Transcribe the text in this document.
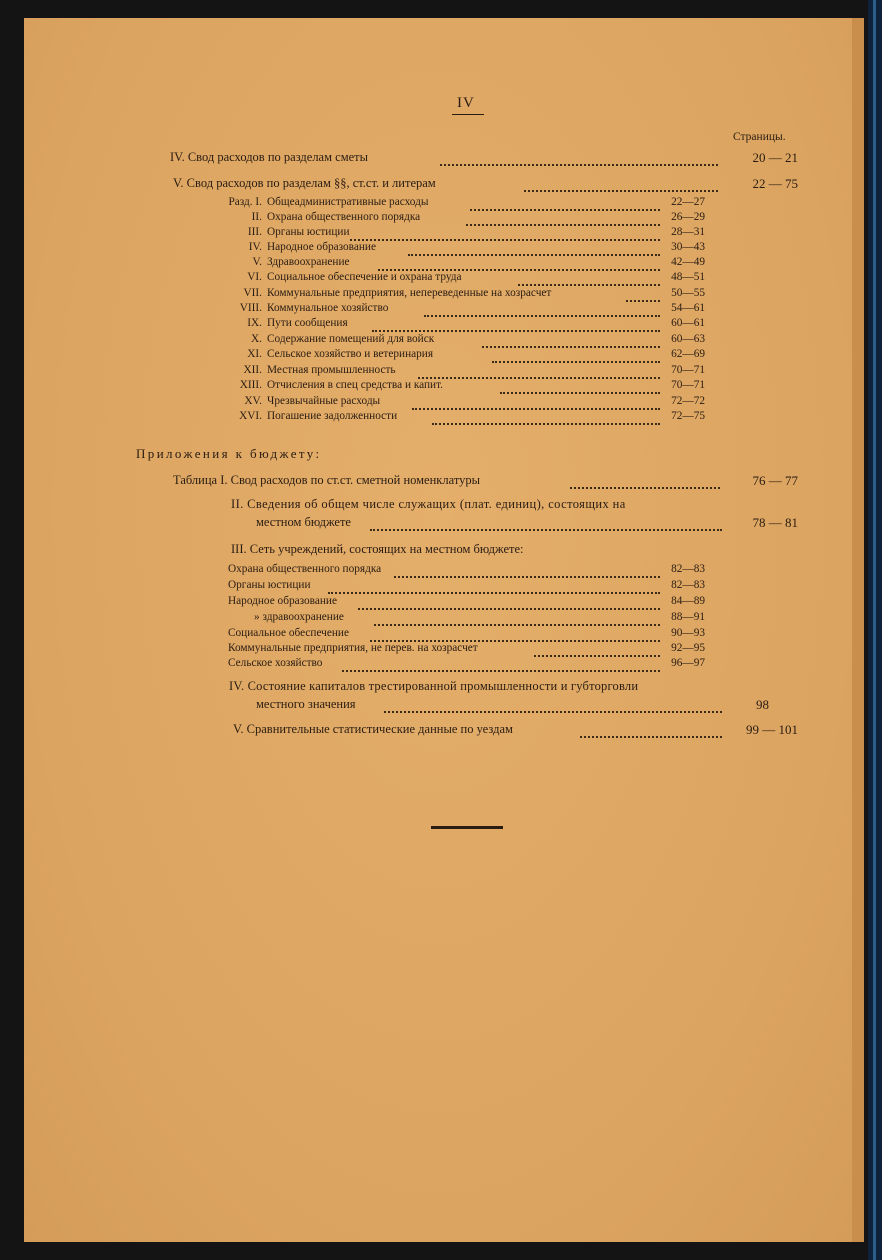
IV
Страницы.
IV. Свод расходов по разделам сметы	20 — 21
V. Свод расходов по разделам §§, ст.ст. и литерам	22 — 75
Разд. I. Общеадминистративные расходы	22—27
II. Охрана общественного порядка	26—29
III. Органы юстиции	28—31
IV. Народное образование	30—43
V. Здравоохранение	42—49
VI. Социальное обеспечение и охрана труда	48—51
VII. Коммунальные предприятия, непереведенные на хозрасчет	50—55
VIII. Коммунальное хозяйство	54—61
IX. Пути сообщения	60—61
X. Содержание помещений для войск	60—63
XI. Сельское хозяйство и ветеринария	62—69
XII. Местная промышленность	70—71
XIII. Отчисления в спец средства и капит.	70—71
XV. Чрезвычайные расходы	72—72
XVI. Погашение задолженности	72—75
Приложения к бюджету:
Таблица I. Свод расходов по ст.ст. сметной номенклатуры	76 — 77
II. Сведения об общем числе служащих (плат. единиц), состоящих на
местном бюджете	78 — 81
III. Сеть учреждений, состоящих на местном бюджете:
Охрана общественного порядка	82—83
Органы юстиции	82—83
Народное образование	84—89
» здравоохранение	88—91
Социальное обеспечение	90—93
Коммунальные предприятия, не перев. на хозрасчет	92—95
Сельское хозяйство	96—97
IV. Состояние капиталов трестированной промышленности и губторговли
местного значения	98
V. Сравнительные статистические данные по уездам	99 — 101
